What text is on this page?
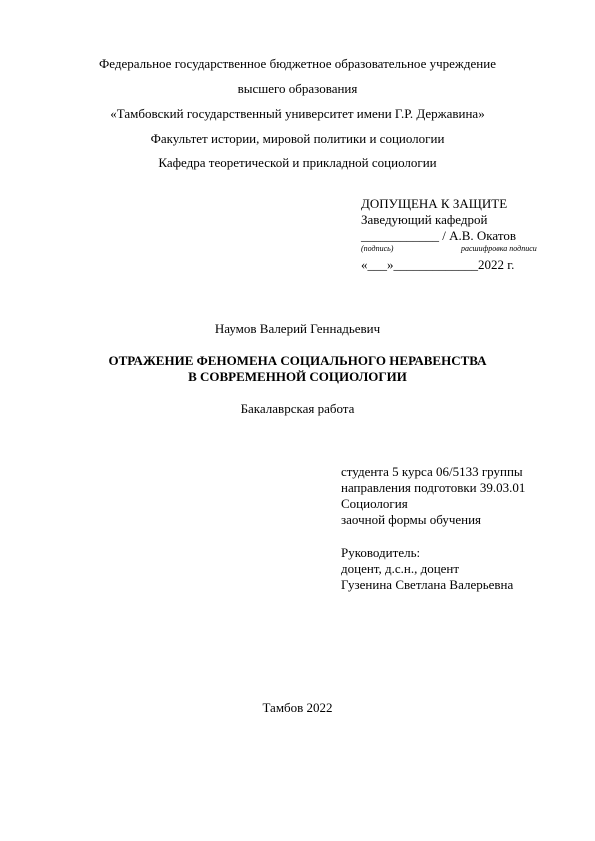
Федеральное государственное бюджетное образовательное учреждение
высшего образования
«Тамбовский государственный университет имени Г.Р. Державина»
Факультет истории, мировой политики и социологии
Кафедра теоретической и прикладной социологии
ДОПУЩЕНА К ЗАЩИТЕ
Заведующий кафедрой
____________ / А.В. Окатов
(подпись)	расшифровка подписи
«___»_____________2022 г.
Наумов Валерий Геннадьевич
ОТРАЖЕНИЕ ФЕНОМЕНА СОЦИАЛЬНОГО НЕРАВЕНСТВА
В СОВРЕМЕННОЙ СОЦИОЛОГИИ
Бакалаврская работа
студента 5 курса 06/5133 группы
направления подготовки 39.03.01
Социология
заочной формы обучения
Руководитель:
доцент, д.с.н., доцент
Гузенина Светлана Валерьевна
Тамбов 2022
